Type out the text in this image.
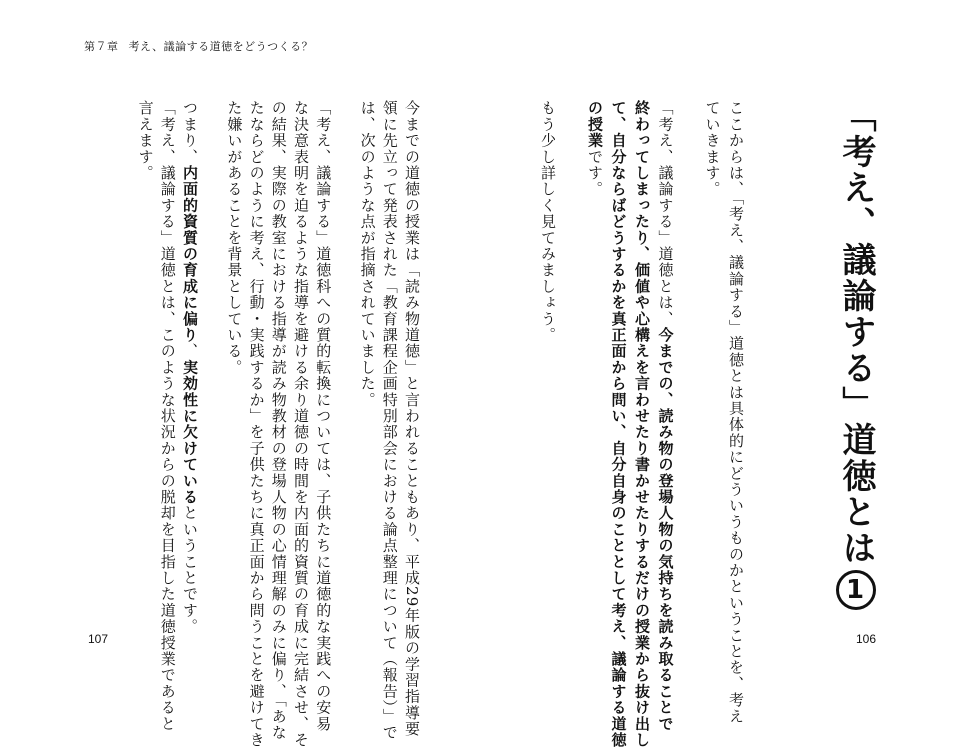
第７章 考え、議論する道徳をどうつくる？
「考え、議論する」道徳とは1
ここからは、「考え、議論する」道徳とは具体的にどういうものかということを、考え
ていきます。
「考え、議論する」道徳とは、今までの、読み物の登場人物の気持ちを読み取ることで
終わってしまったり、価値や心構えを言わせたり書かせたりするだけの授業から抜け出し
て、自分ならばどうするかを真正面から問い、自分自身のこととして考え、議論する道徳
の授業です。
もう少し詳しく見てみましょう。
今までの道徳の授業は「読み物道徳」と言われることもあり、平成29年版の学習指導要
領に先立って発表された「教育課程企画特別部会における論点整理について（報告）」で
は、次のような点が指摘されていました。
「考え、議論する」道徳科への質的転換については、子供たちに道徳的な実践への安易
な決意表明を迫るような指導を避ける余り道徳の時間を内面的資質の育成に完結させ、そ
の結果、実際の教室における指導が読み物教材の登場人物の心情理解のみに偏り、「あな
たならどのように考え、行動・実践するか」を子供たちに真正面から問うことを避けてき
た嫌いがあることを背景としている。
つまり、内面的資質の育成に偏り、実効性に欠けているということです。
「考え、議論する」道徳とは、このような状況からの脱却を目指した道徳授業であると
言えます。
107	106
